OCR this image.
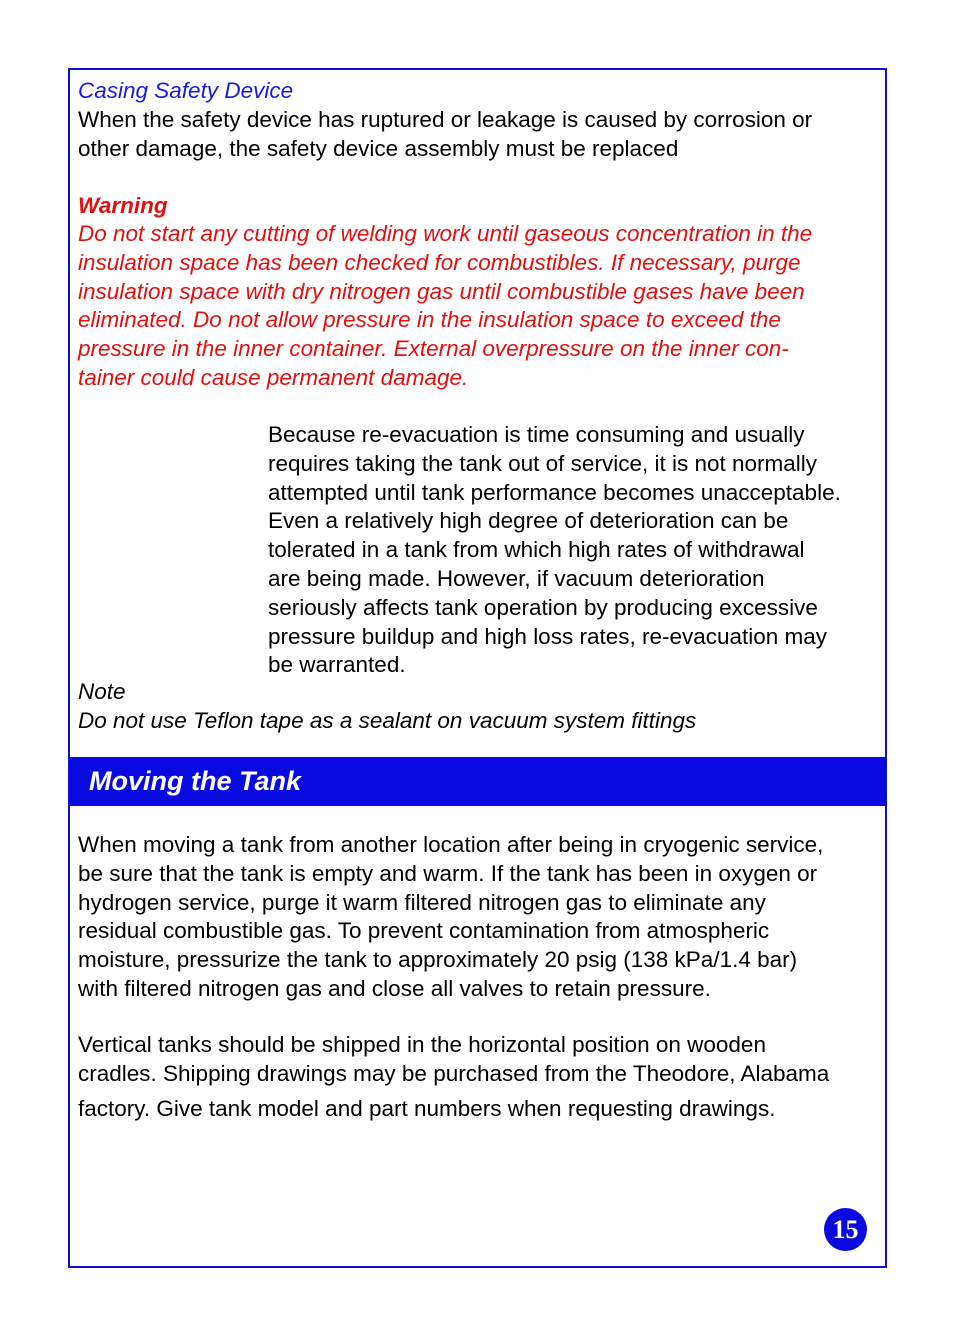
Casing Safety Device
When the safety device has ruptured or leakage is caused by corrosion or
other damage, the safety device assembly must be replaced
Warning
Do not start any cutting of welding work until gaseous concentration in the
insulation space has been checked for combustibles. If necessary, purge
insulation space with dry nitrogen gas until combustible gases have been
eliminated. Do not allow pressure in the insulation space to exceed the
pressure in the inner container. External overpressure on the inner con-
tainer could cause permanent damage.
Because re-evacuation is time consuming and usually
requires taking the tank out of service, it is not normally
attempted until tank performance becomes unacceptable.
Even a relatively high degree of deterioration can be
tolerated in a tank from which high rates of withdrawal
are being made. However, if vacuum deterioration
seriously affects tank operation by producing excessive
pressure buildup and high loss rates, re-evacuation may
be warranted.
Note
Do not use Teflon tape as a sealant on vacuum system fittings
Moving the Tank
When moving a tank from another location after being in cryogenic service,
be sure that the tank is empty and warm. If the tank has been in oxygen or
hydrogen service, purge it warm filtered nitrogen gas to eliminate any
residual combustible gas. To prevent contamination from atmospheric
moisture, pressurize the tank to approximately 20 psig (138 kPa/1.4 bar)
with filtered nitrogen gas and close all valves to retain pressure.
Vertical tanks should be shipped in the horizontal position on wooden
cradles. Shipping drawings may be purchased from the Theodore, Alabama
factory. Give tank model and part numbers when requesting drawings.
15
